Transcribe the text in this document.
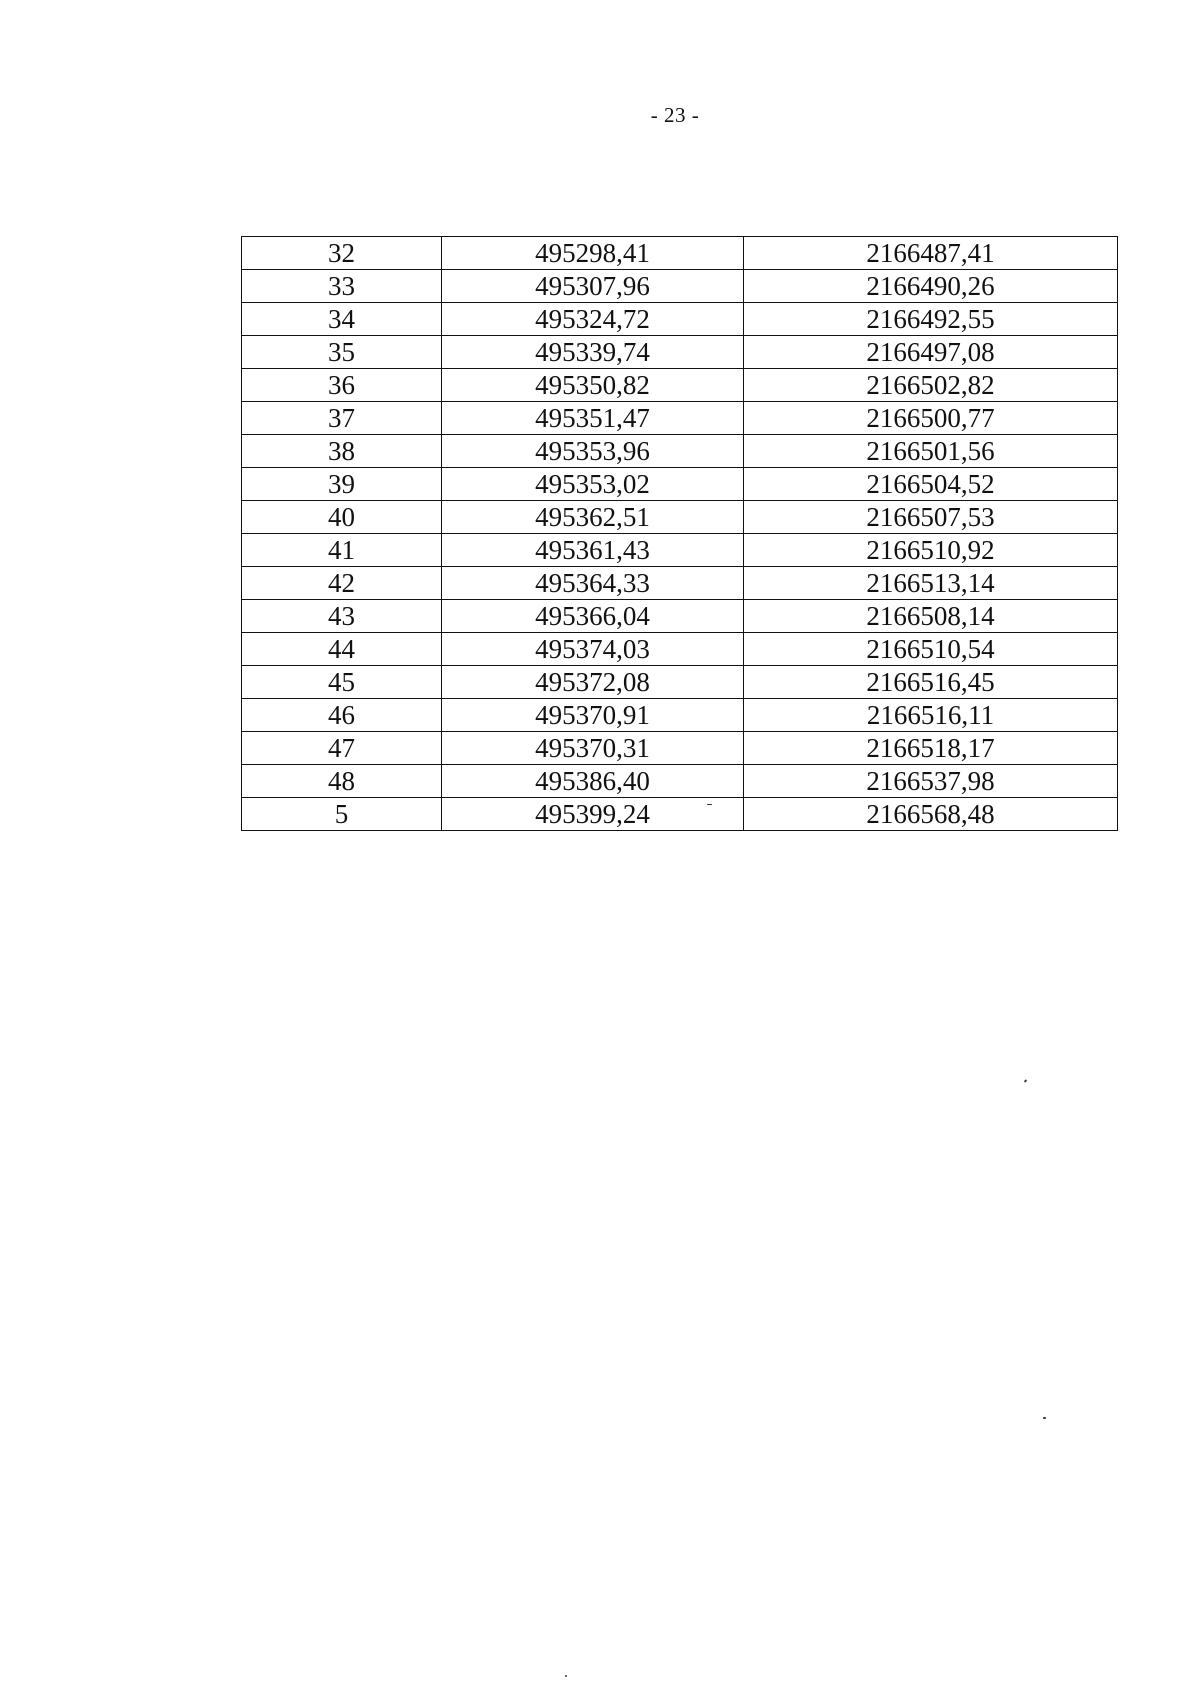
- 23 -
32	495298,41	2166487,41
33	495307,96	2166490,26
34	495324,72	2166492,55
35	495339,74	2166497,08
36	495350,82	2166502,82
37	495351,47	2166500,77
38	495353,96	2166501,56
39	495353,02	2166504,52
40	495362,51	2166507,53
41	495361,43	2166510,92
42	495364,33	2166513,14
43	495366,04	2166508,14
44	495374,03	2166510,54
45	495372,08	2166516,45
46	495370,91	2166516,11
47	495370,31	2166518,17
48	495386,40	2166537,98
5	495399,24	2166568,48
